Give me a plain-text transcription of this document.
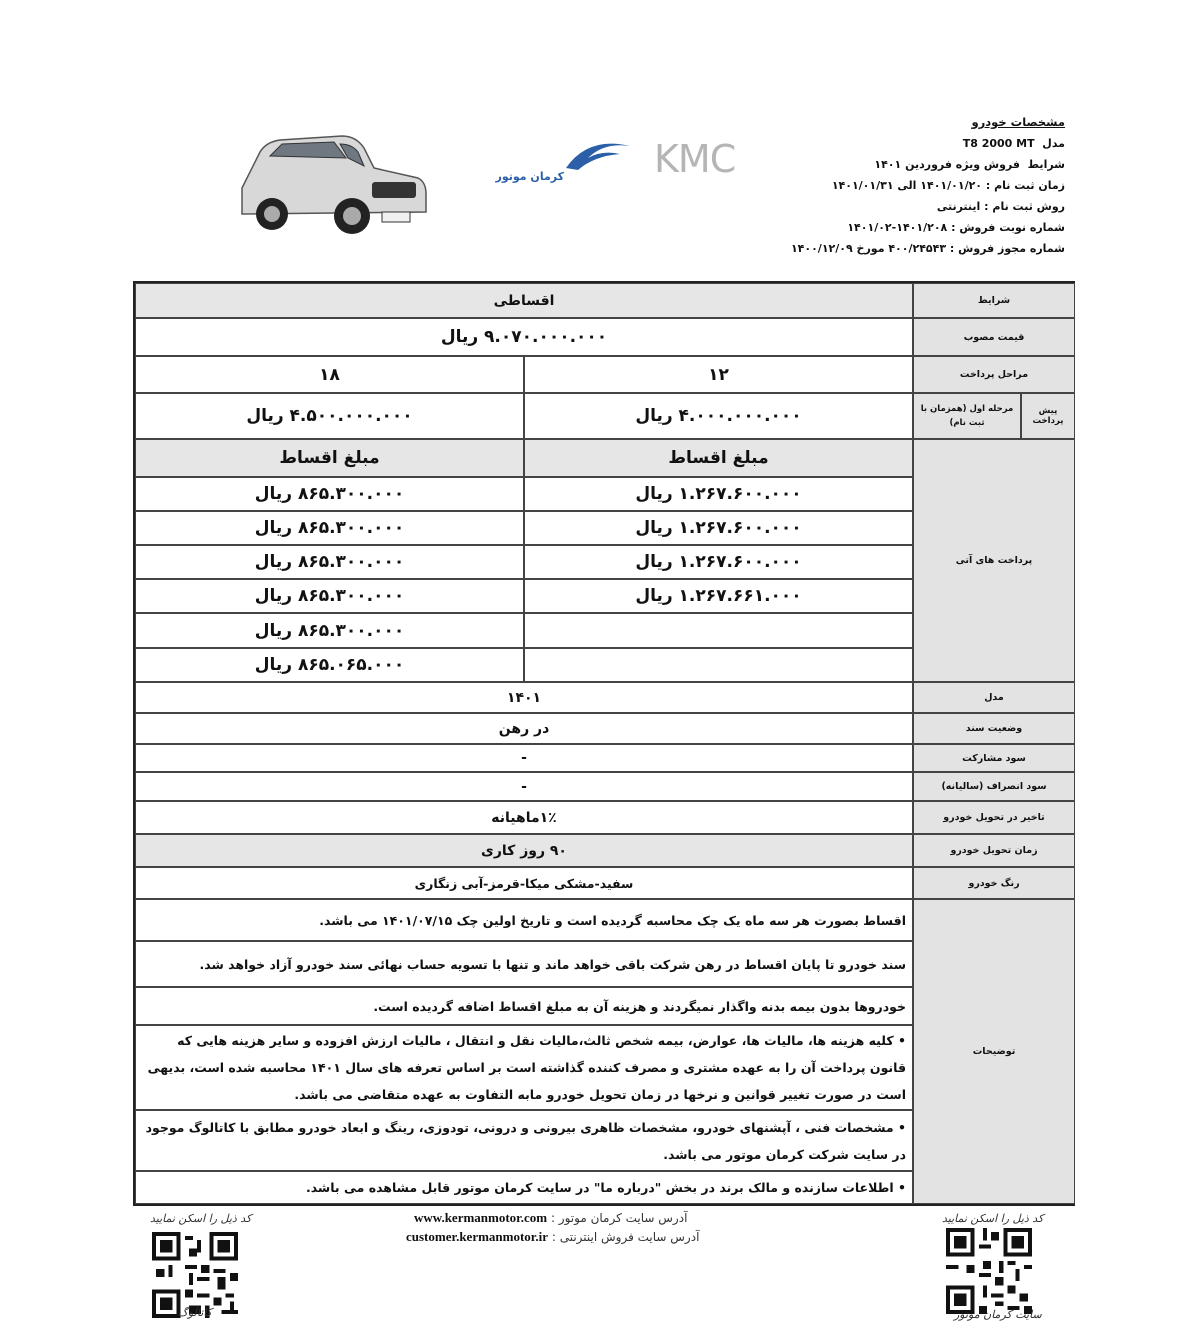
مشخصات خودرو
مدل  T8 2000 MT
شرایط  فروش ویژه فروردین ۱۴۰۱
زمان ثبت نام : ۱۴۰۱/۰۱/۲۰ الی ۱۴۰۱/۰۱/۳۱
روش ثبت نام : اینترنتی
شماره نوبت فروش : ۱۴۰۱/۲۰۸-۱۴۰۱/۰۲
شماره مجوز فروش : ۴۰۰/۲۴۵۴۳ مورخ ۱۴۰۰/۱۲/۰۹
کرمان موتور KMC
شرایط
اقساطی
قیمت مصوب
۹.۰۷۰.۰۰۰.۰۰۰ ریال
مراحل پرداخت
۱۲
۱۸
پیش پرداخت
مرحله اول (همزمان با ثبت نام)
۴.۰۰۰.۰۰۰.۰۰۰ ریال
۴.۵۰۰.۰۰۰.۰۰۰ ریال
پرداخت های آتی
مبلغ اقساط
مبلغ اقساط
۱.۲۶۷.۶۰۰.۰۰۰ ریال
۱.۲۶۷.۶۰۰.۰۰۰ ریال
۱.۲۶۷.۶۰۰.۰۰۰ ریال
۱.۲۶۷.۶۶۱.۰۰۰ ریال
۸۶۵.۳۰۰.۰۰۰ ریال
۸۶۵.۳۰۰.۰۰۰ ریال
۸۶۵.۳۰۰.۰۰۰ ریال
۸۶۵.۳۰۰.۰۰۰ ریال
۸۶۵.۳۰۰.۰۰۰ ریال
۸۶۵.۰۶۵.۰۰۰ ریال
مدل
۱۴۰۱
وضعیت سند
در رهن
سود مشارکت
-
سود انصراف (سالیانه)
-
تاخیر در تحویل خودرو
۱٪ماهیانه
زمان تحویل خودرو
۹۰ روز کاری
رنگ خودرو
سفید-مشکی میکا-قرمز-آبی زنگاری
توضیحات
اقساط بصورت هر سه ماه یک چک محاسبه گردیده است و تاریخ اولین چک ۱۴۰۱/۰۷/۱۵ می باشد.
سند خودرو تا پایان اقساط در رهن شرکت باقی خواهد ماند و تنها با تسویه حساب نهائی سند خودرو آزاد خواهد شد.
خودروها بدون بیمه بدنه واگذار نمیگردند و هزینه آن به مبلغ اقساط اضافه گردیده است.
• کلیه هزینه ها، مالیات ها، عوارض، بیمه شخص ثالث،مالیات نقل و انتقال ، مالیات ارزش افزوده و سایر هزینه هایی که قانون پرداخت آن را به عهده مشتری و مصرف کننده گذاشته است بر اساس تعرفه های سال ۱۴۰۱ محاسبه شده است، بدیهی است در صورت تغییر قوانین و نرخها در زمان تحویل خودرو مابه التفاوت به عهده متقاضی می باشد.
• مشخصات فنی ، آپشنهای خودرو، مشخصات ظاهری بیرونی و درونی، تودوزی، رینگ و ابعاد خودرو مطابق با کاتالوگ موجود در سایت شرکت کرمان موتور می باشد.
• اطلاعات سازنده و مالک برند در بخش "درباره ما" در سایت کرمان موتور قابل مشاهده می باشد.
کد ذیل را اسکن نمایید	کد ذیل را اسکن نمایید
آدرس سایت کرمان موتور : www.kermanmotor.com
آدرس سایت فروش اینترنتی : customer.kermanmotor.ir
کاتالوگ	سایت کرمان موتور
